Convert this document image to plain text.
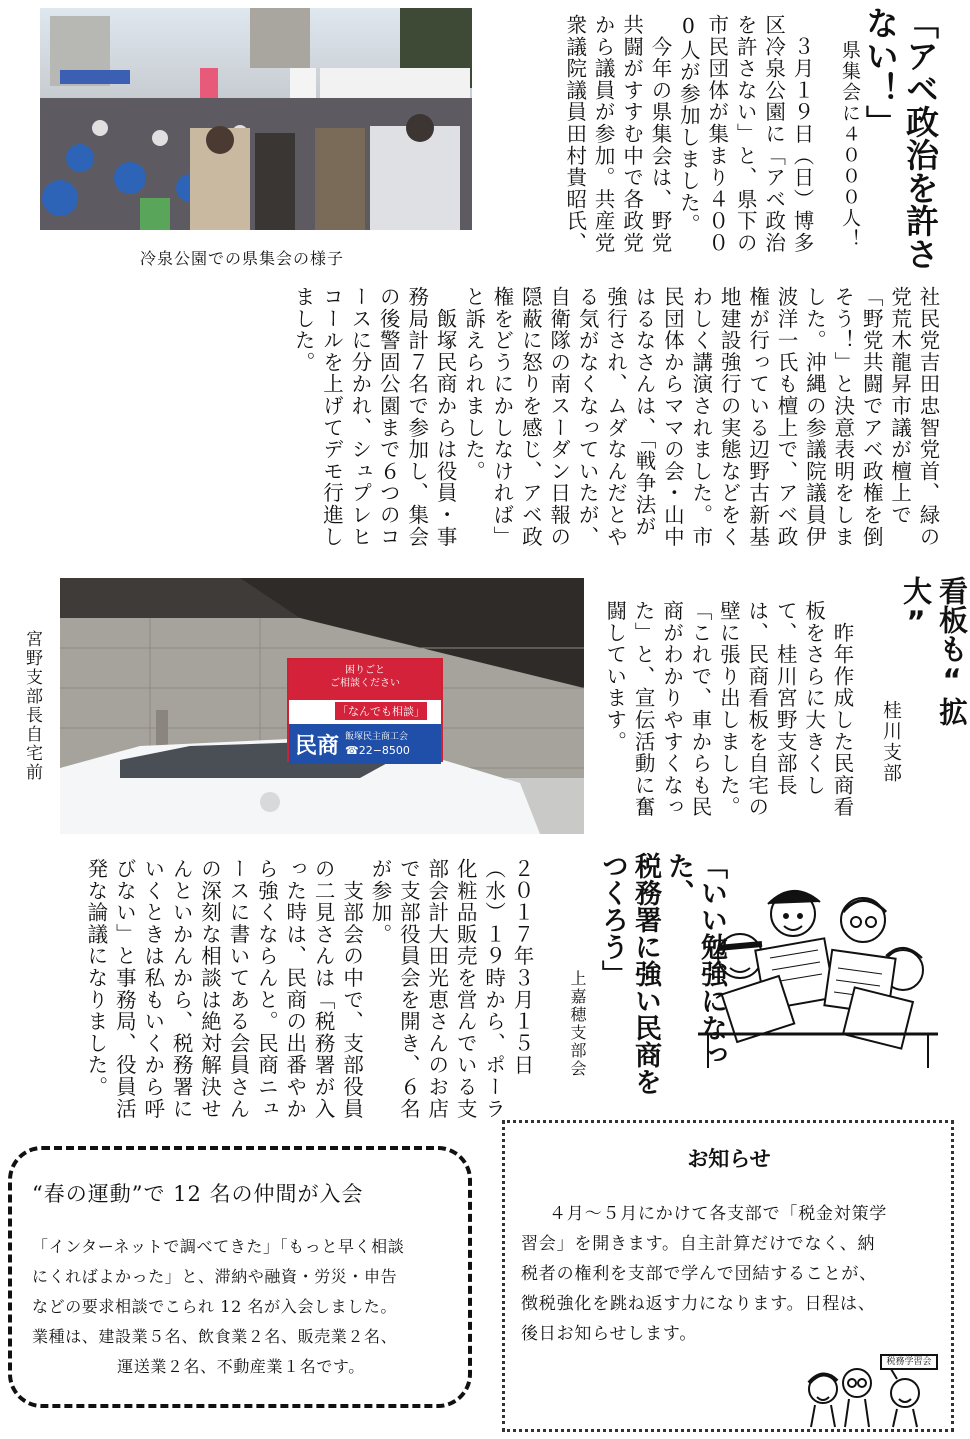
「アベ政治を許さない！」
県集会に４０００人！

　３月１９日（日）博多区冷泉公園に「アベ政治を許さない」と、県下の市民団体が集まり４００0人が参加しました。

　今年の県集会は、野党共闘がすすむ中で各政党から議員が参加。共産党衆議院議員田村貴昭氏、

冷泉公園での県集会の様子

社民党吉田忠智党首、緑の党荒木龍昇市議が檀上で「野党共闘でアベ政権を倒そう！」と決意表明をしました。沖縄の参議院議員伊波洋一氏も檀上で、アベ政権が行っている辺野古新基地建設強行の実態などをくわしく講演されました。市民団体からママの会・山中はるなさんは、「戦争法が強行され、ムダなんだとやる気がなくなっていたが、自衛隊の南スーダン日報の隠蔽に怒りを感じ、アベ政権をどうにかしなければ」と訴えられました。

　飯塚民商からは役員・事務局計７名で参加し、集会の後警固公園まで６つのコースに分かれ、シュプレヒコールを上げてデモ行進しました。

看板も“拡大”
桂川支部
　昨年作成した民商看板をさらに大きくして、桂川宮野支部長は、民商看板を自宅の壁に張り出しました。「これで、車からも民商がわかりやすくなった」と、宣伝活動に奮闘しています。
困りごと
ご相談ください
「なんでも相談」
民商 飯塚民主商工会
☎22−8500
宮野支部長自宅前
「いい勉強になった、
税務署に強い民商を
つくろう」
上嘉穂支部会

２０１７年３月１５日（水）１９時から、ポーラ化粧品販売を営んでいる支部会計大田光恵さんのお店で支部役員会を開き、６名が参加。

　支部会の中で、支部役員の二見さんは「税務署が入った時は、民商の出番やから強くならんと。民商ニュースに書いてある会員さんの深刻な相談は絶対解決せんといかんから、税務署にいくときは私もいくから呼びない」と事務局、役員活発な論議になりました。

“春の運動”で 12 名の仲間が入会
「インターネットで調べてきた」「もっと早く相談
にくればよかった」と、滞納や融資・労災・申告
などの要求相談でこられ 12 名が入会しました。
業種は、建設業５名、飲食業２名、販売業２名、
運送業２名、不動産業１名です。
お知らせ
４月～５月にかけて各支部で「税金対策学
習会」を開きます。自主計算だけでなく、納
税者の権利を支部で学んで団結することが、
徴税強化を跳ね返す力になります。日程は、
後日お知らせします。
税務学習会
